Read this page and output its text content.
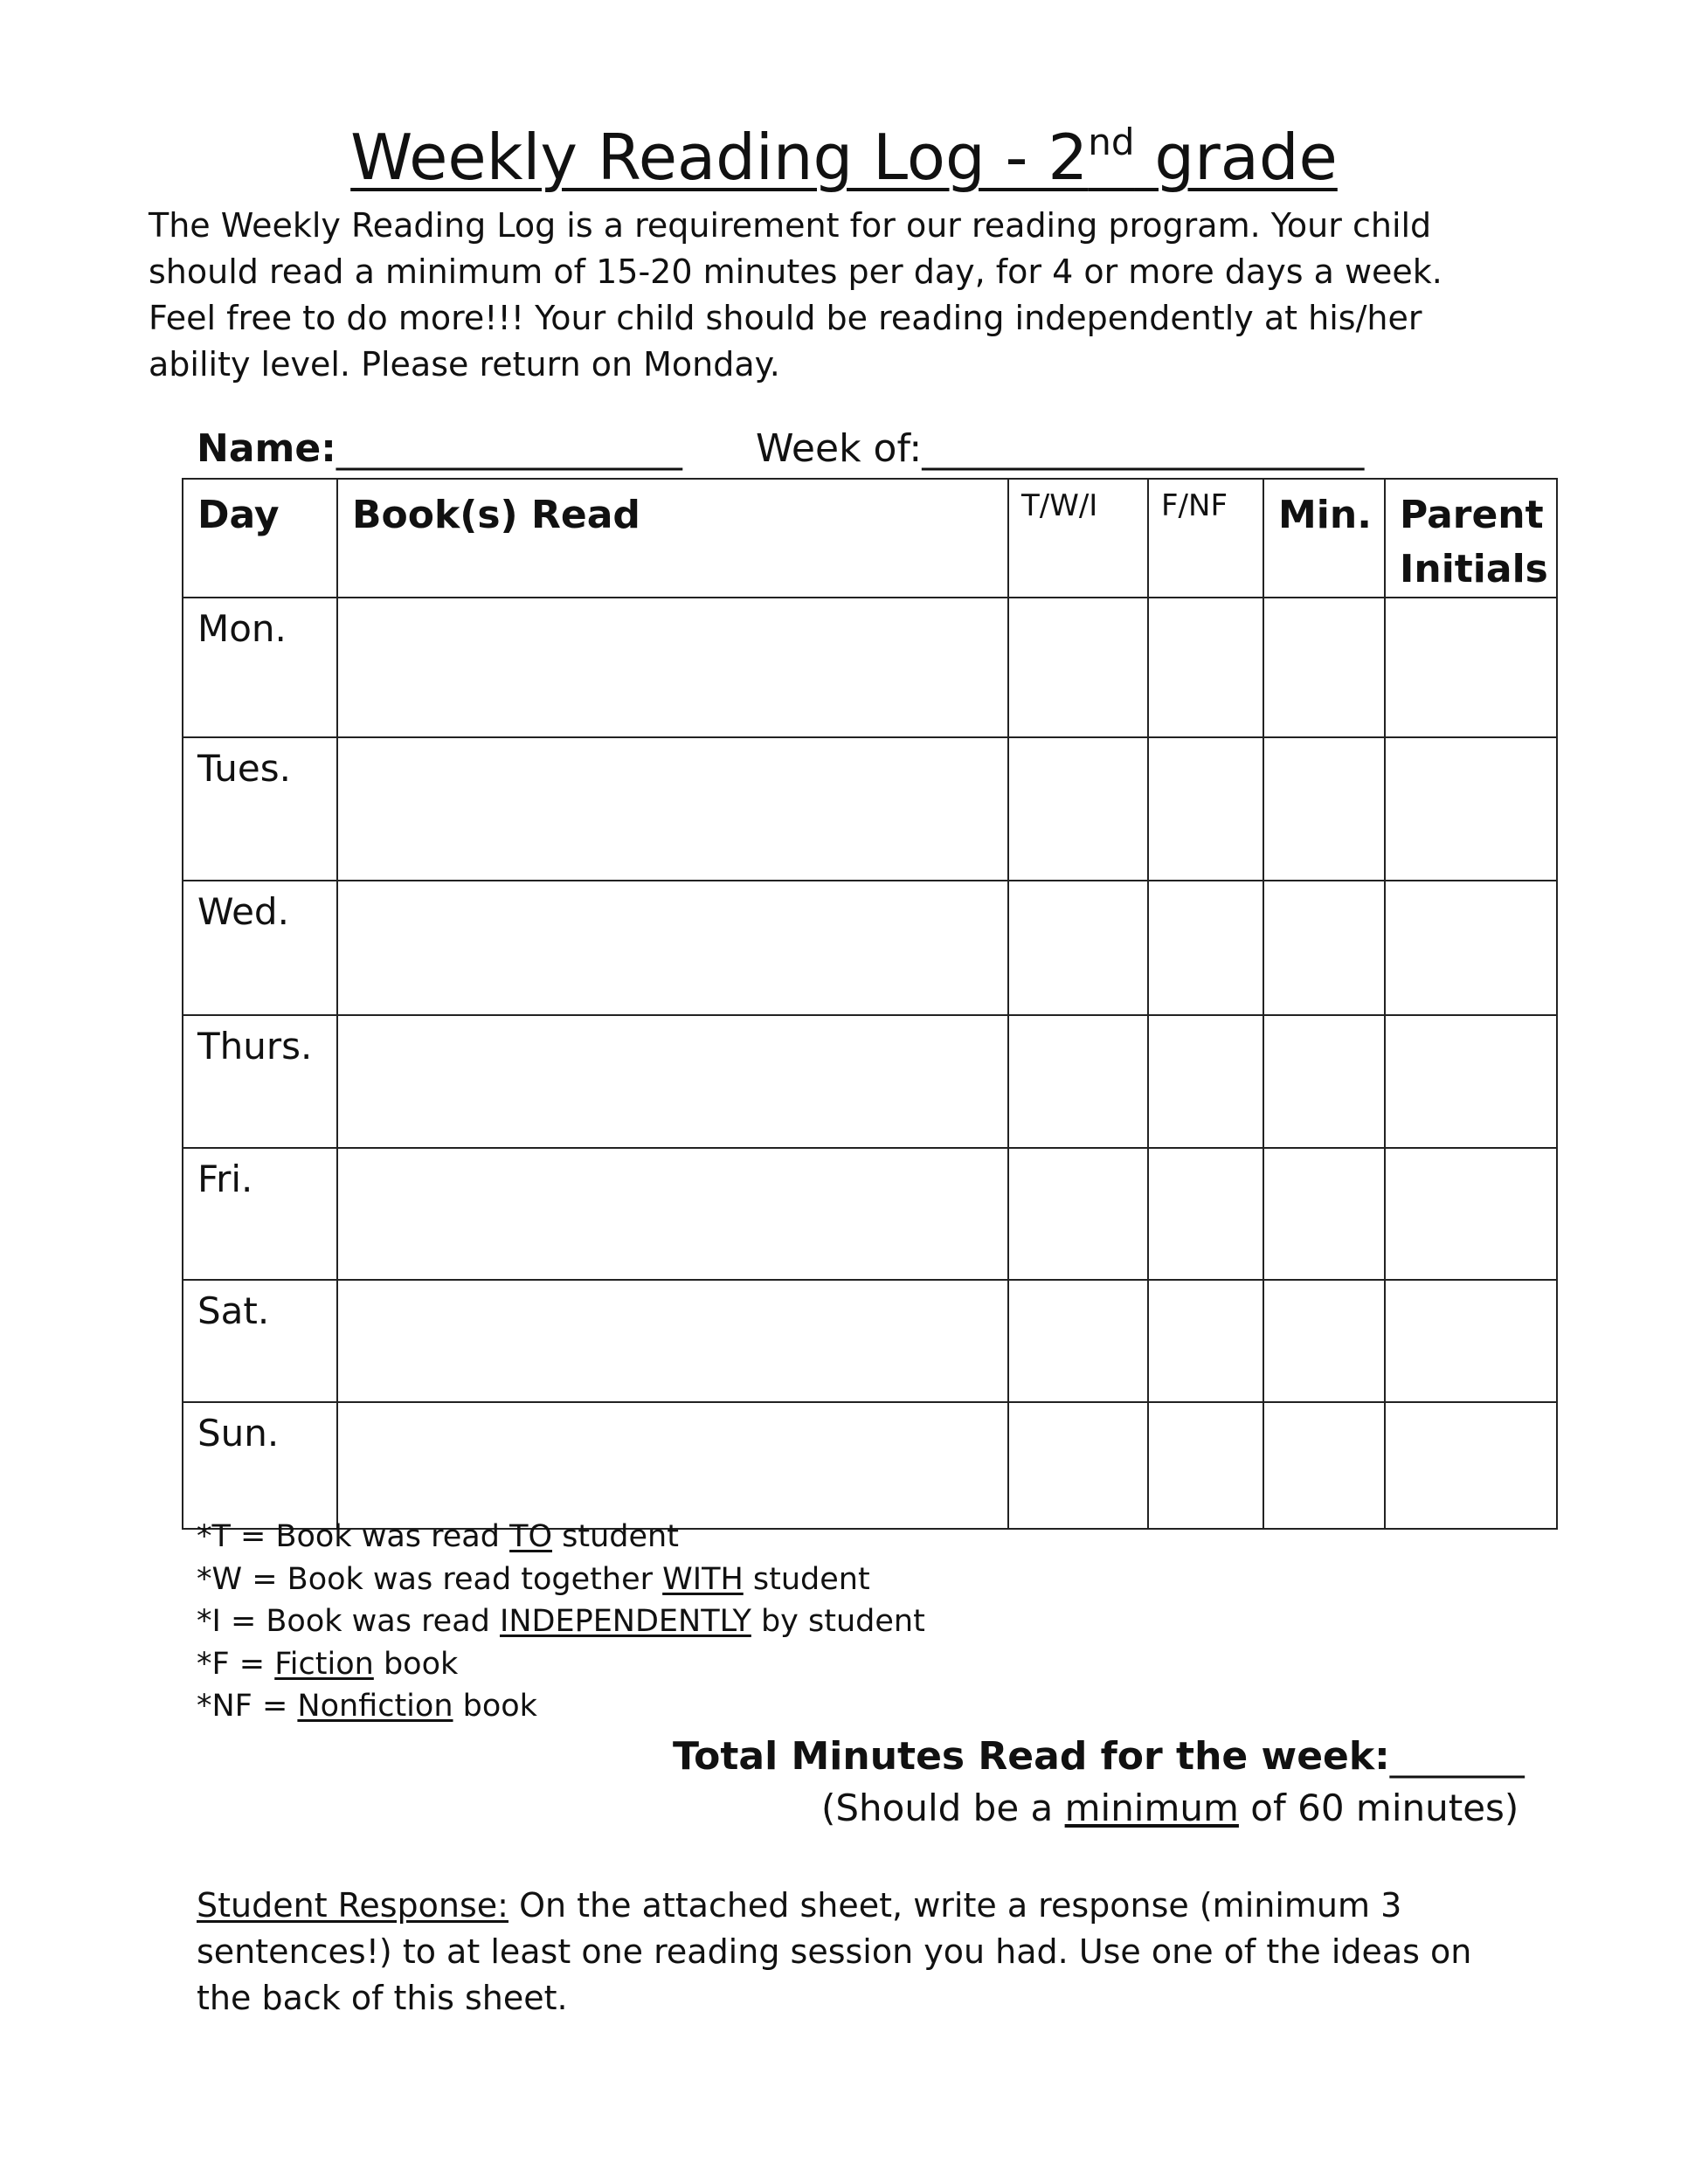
Weekly Reading Log - 2nd grade

The Weekly Reading Log is a requirement for our reading program. Your child should read a minimum of 15-20 minutes per day, for 4 or more days a week. Feel free to do more!!! Your child should be reading independently at his/her ability level. Please return on Monday.

Name:__________________ Week of:_______________________
Day	Book(s) Read	T/W/I	F/NF	Min.	Parent
Initials

Mon.					

Tues.					

Wed.					

Thurs.					

Fri.					

Sat.					

Sun.					

*T = Book was read TO student
*W = Book was read together WITH student
*I = Book was read INDEPENDENTLY by student
*F = Fiction book
*NF = Nonfiction book
Total Minutes Read for the week:_______
(Should be a minimum of 60 minutes)
Student Response: On the attached sheet, write a response (minimum 3 sentences!) to at least one reading session you had. Use one of the ideas on the back of this sheet.
